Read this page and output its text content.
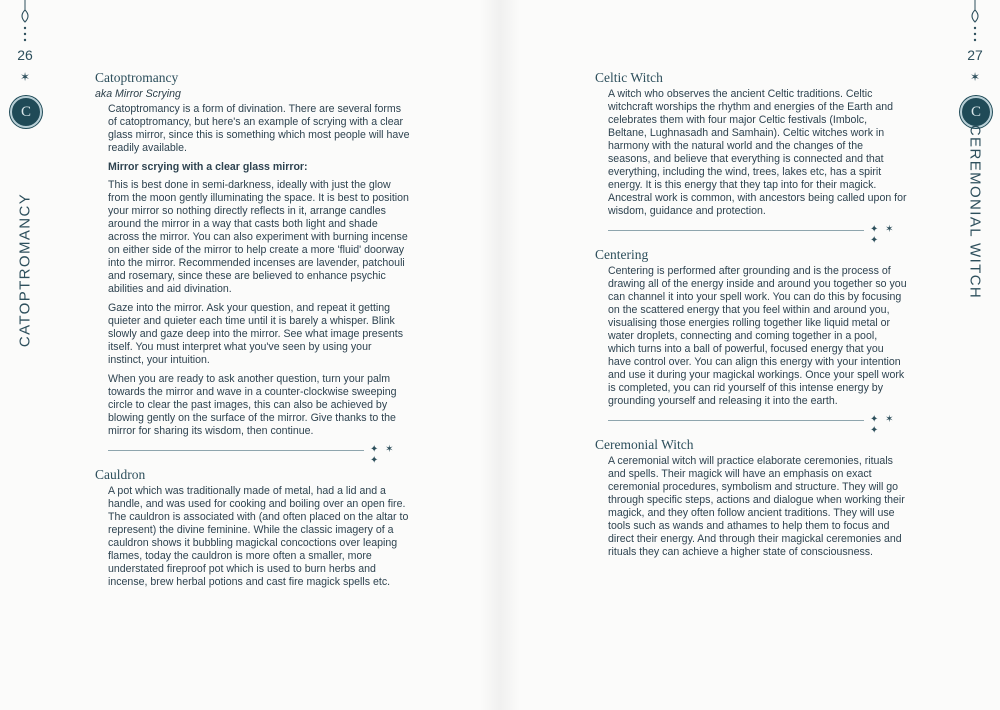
26
✶
C
CATOPTROMANCY
27
✶
C
CEREMONIAL WITCH
Catoptromancy

aka Mirror Scrying

Catoptromancy is a form of divination. There are several forms of catoptromancy, but here's an example of scrying with a clear glass mirror, since this is something which most people will have readily available.

Mirror scrying with a clear glass mirror:

This is best done in semi-darkness, ideally with just the glow from the moon gently illuminating the space. It is best to position your mirror so nothing directly reflects in it, arrange candles around the mirror in a way that casts both light and shade across the mirror. You can also experiment with burning incense on either side of the mirror to help create a more 'fluid' doorway into the mirror. Recommended incenses are lavender, patchouli and rosemary, since these are believed to enhance psychic abilities and aid divination.

Gaze into the mirror. Ask your question, and repeat it getting quieter and quieter each time until it is barely a whisper. Blink slowly and gaze deep into the mirror. See what image presents itself. You must interpret what you've seen by using your instinct, your intuition.

When you are ready to ask another question, turn your palm towards the mirror and wave in a counter-clockwise sweeping circle to clear the past images, this can also be achieved by blowing gently on the surface of the mirror. Give thanks to the mirror for sharing its wisdom, then continue.

✦ ✶ ✦
Cauldron

A pot which was traditionally made of metal, had a lid and a handle, and was used for cooking and boiling over an open fire. The cauldron is associated with (and often placed on the altar to represent) the divine feminine. While the classic imagery of a cauldron shows it bubbling magickal concoctions over leaping flames, today the cauldron is more often a smaller, more understated fireproof pot which is used to burn herbs and incense, brew herbal potions and cast fire magick spells etc.

Celtic Witch

A witch who observes the ancient Celtic traditions. Celtic witchcraft worships the rhythm and energies of the Earth and celebrates them with four major Celtic festivals (Imbolc, Beltane, Lughnasadh and Samhain). Celtic witches work in harmony with the natural world and the changes of the seasons, and believe that everything is connected and that everything, including the wind, trees, lakes etc, has a spirit energy. It is this energy that they tap into for their magick. Ancestral work is common, with ancestors being called upon for wisdom, guidance and protection.

✦ ✶ ✦
Centering

Centering is performed after grounding and is the process of drawing all of the energy inside and around you together so you can channel it into your spell work. You can do this by focusing on the scattered energy that you feel within and around you, visualising those energies rolling together like liquid metal or water droplets, connecting and coming together in a pool, which turns into a ball of powerful, focused energy that you have control over. You can align this energy with your intention and use it during your magickal workings. Once your spell work is completed, you can rid yourself of this intense energy by grounding yourself and releasing it into the earth.

✦ ✶ ✦
Ceremonial Witch

A ceremonial witch will practice elaborate ceremonies, rituals and spells. Their magick will have an emphasis on exact ceremonial procedures, symbolism and structure. They will go through specific steps, actions and dialogue when working their magick, and they often follow ancient traditions. They will use tools such as wands and athames to help them to focus and direct their energy. And through their magickal ceremonies and rituals they can achieve a higher state of consciousness.
